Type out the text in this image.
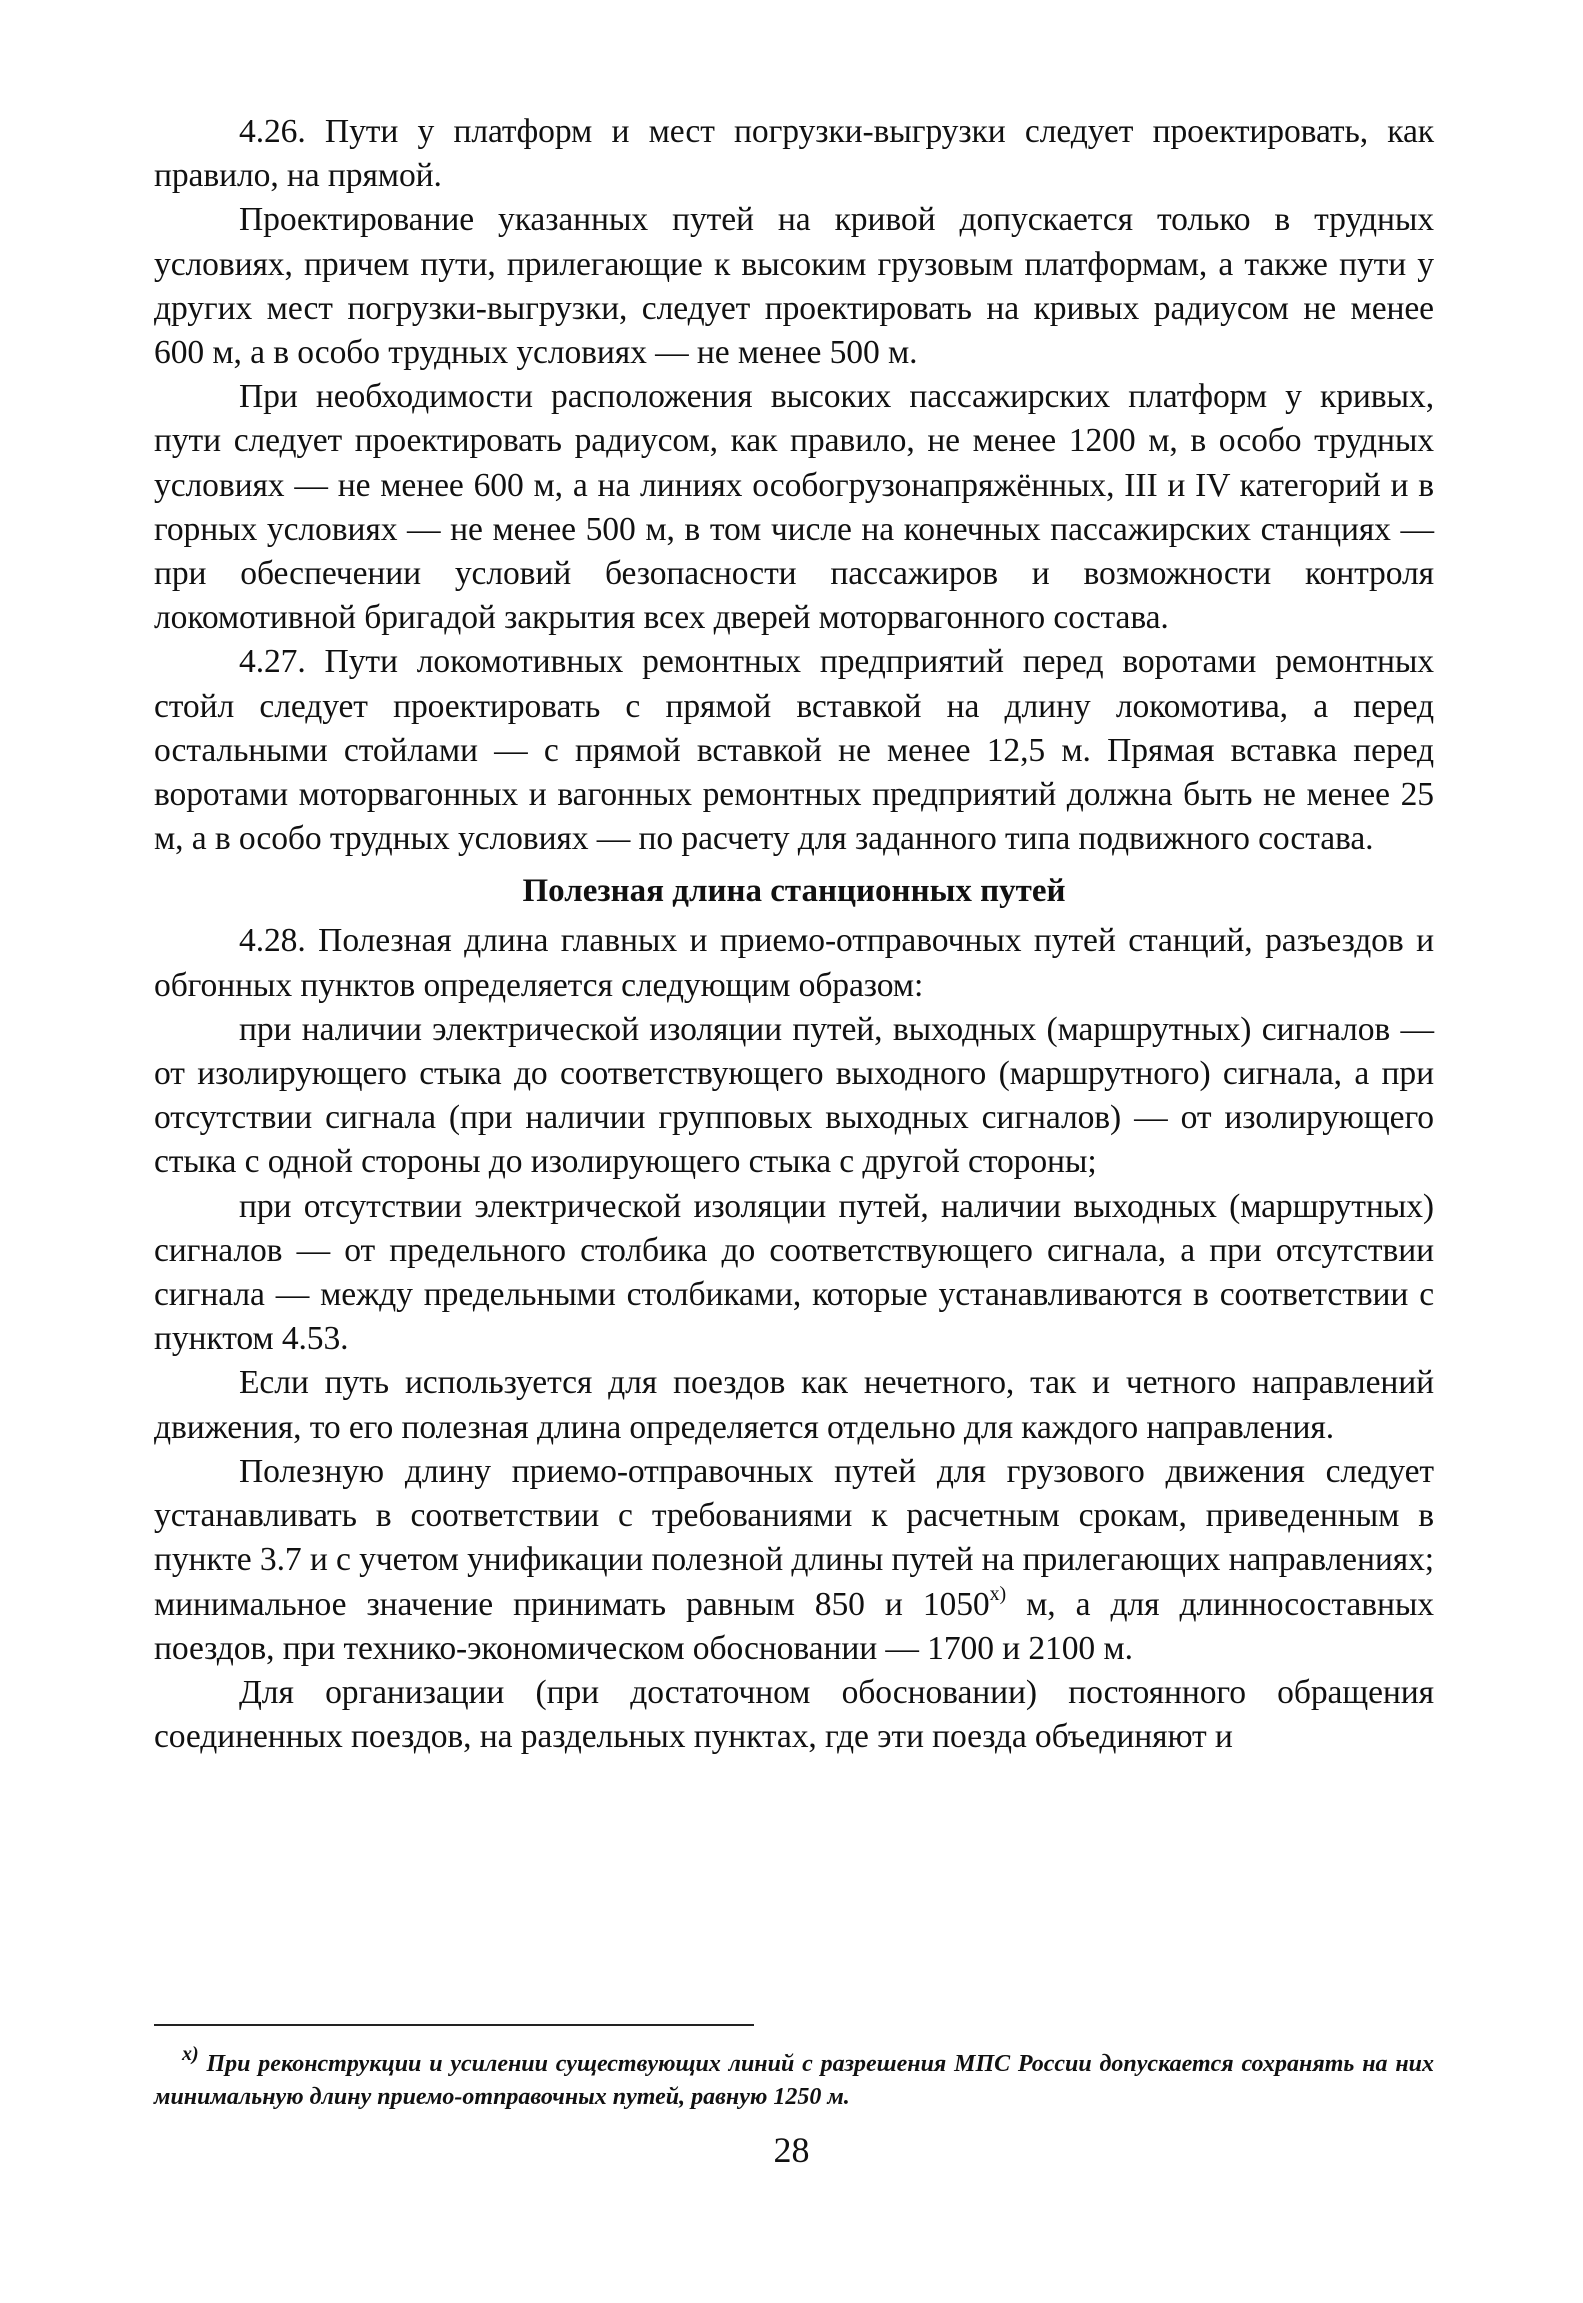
4.26. Пути у платформ и мест погрузки-выгрузки следует проектировать, как правило, на прямой.

Проектирование указанных путей на кривой допускается только в трудных условиях, причем пути, прилегающие к высоким грузовым платформам, а также пути у других мест погрузки-выгрузки, следует проектировать на кривых радиусом не менее 600 м, а в особо трудных условиях — не менее 500 м.

При необходимости расположения высоких пассажирских платформ у кривых, пути следует проектировать радиусом, как правило, не менее 1200 м, в особо трудных условиях — не менее 600 м, а на линиях особогрузонапряжённых, III и IV категорий и в горных условиях — не менее 500 м, в том числе на конечных пассажирских станциях — при обеспечении условий безопасности пассажиров и возможности контроля локомотивной бригадой закрытия всех дверей моторвагонного состава.

4.27. Пути локомотивных ремонтных предприятий перед воротами ремонтных стойл следует проектировать с прямой вставкой на длину локомотива, а перед остальными стойлами — с прямой вставкой не менее 12,5 м. Прямая вставка перед воротами моторвагонных и вагонных ремонтных предприятий должна быть не менее 25 м, а в особо трудных условиях — по расчету для заданного типа подвижного состава.

Полезная длина станционных путей

4.28. Полезная длина главных и приемо-отправочных путей станций, разъездов и обгонных пунктов определяется следующим образом:

при наличии электрической изоляции путей, выходных (маршрутных) сигналов — от изолирующего стыка до соответствующего выходного (маршрутного) сигнала, а при отсутствии сигнала (при наличии групповых выходных сигналов) — от изолирующего стыка с одной стороны до изолирующего стыка с другой стороны;

при отсутствии электрической изоляции путей, наличии выходных (маршрутных) сигналов — от предельного столбика до соответствующего сигнала, а при отсутствии сигнала — между предельными столбиками, которые устанавливаются в соответствии с пунктом 4.53.

Если путь используется для поездов как нечетного, так и четного направлений движения, то его полезная длина определяется отдельно для каждого направления.

Полезную длину приемо-отправочных путей для грузового движения следует устанавливать в соответствии с требованиями к расчетным срокам, приведенным в пункте 3.7 и с учетом унификации полезной длины путей на прилегающих направлениях; минимальное значение принимать равным 850 и $1050^{х)}$ м, а для длинносоставных поездов, при технико-экономическом обосновании — 1700 и 2100 м.

Для организации (при достаточном обосновании) постоянного обращения соединенных поездов, на раздельных пунктах, где эти поезда объединяют и

$^{х)}$ При реконструкции и усилении существующих линий с разрешения МПС России допускается сохранять на них минимальную длину приемо-отправочных путей, равную 1250 м.

28
